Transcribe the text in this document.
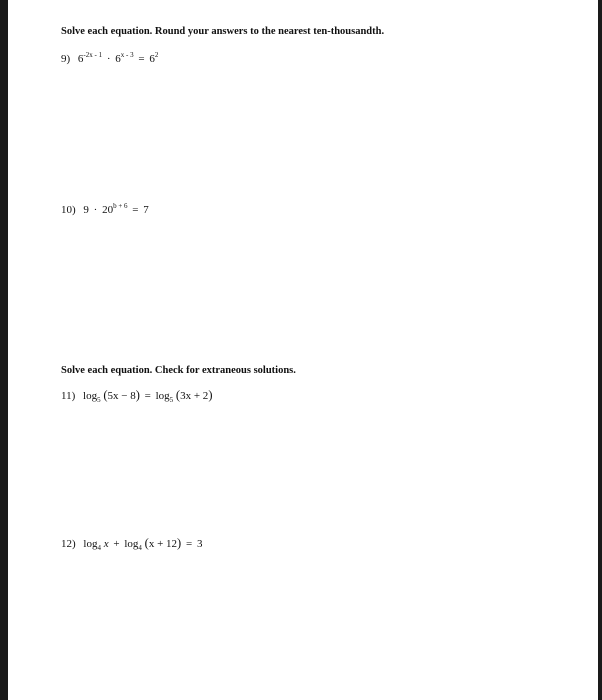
Solve each equation. Round your answers to the nearest ten-thousandth.
9) $6^{-2x - 1} \cdot 6^{x - 3} = 6^2$
10) $9 \cdot 20^{b + 6} = 7$
Solve each equation. Check for extraneous solutions.
11) $\log_5 (5x - 8) = \log_5 (3x + 2)$
12) $\log_4 x + \log_4 (x + 12) = 3$
